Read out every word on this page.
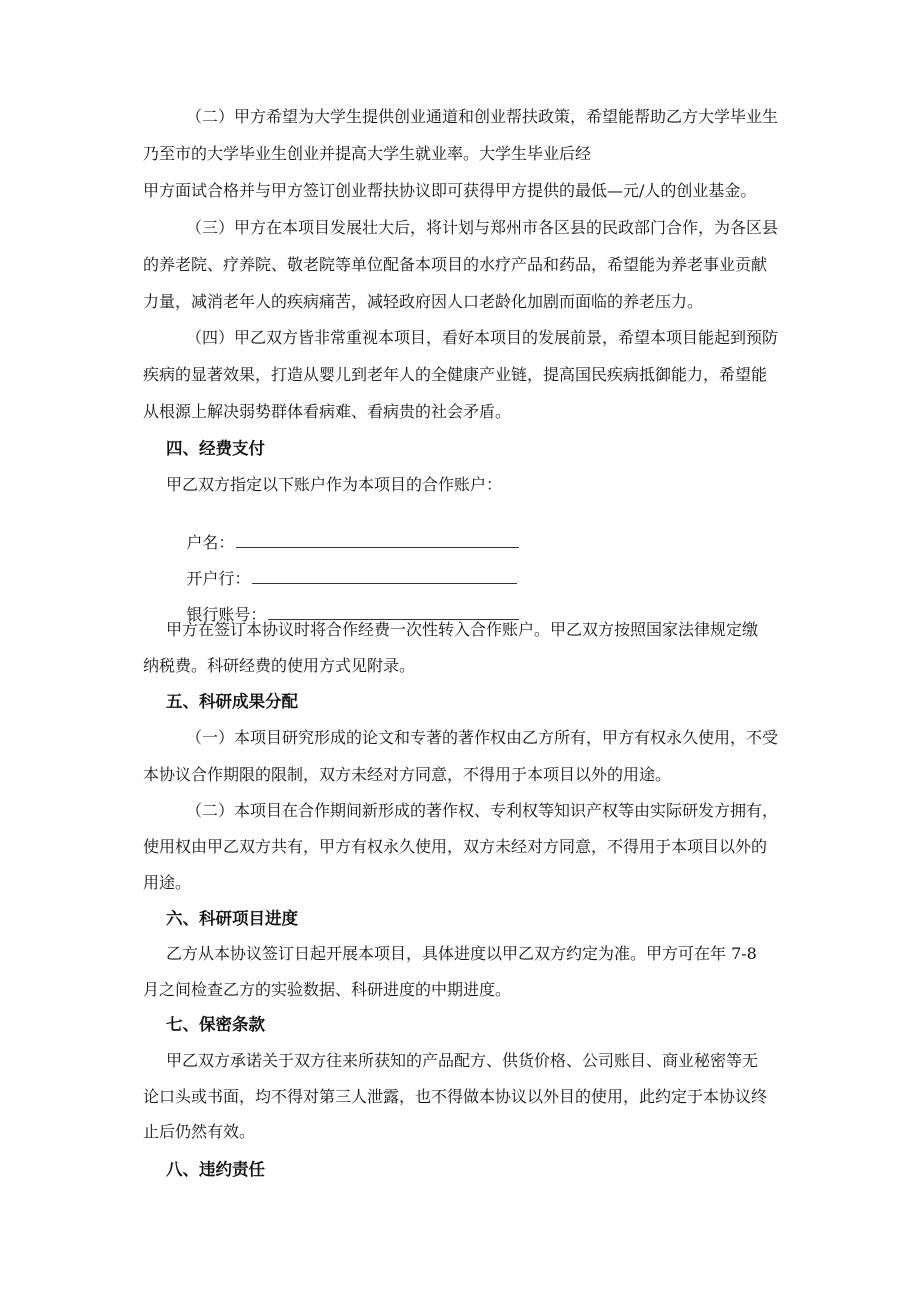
（二）甲方希望为大学生提供创业通道和创业帮扶政策，希望能帮助乙方大学毕业生

乃至市的大学毕业生创业并提高大学生就业率。大学生毕业后经

甲方面试合格并与甲方签订创业帮扶协议即可获得甲方提供的最低—元/人的创业基金。

（三）甲方在本项目发展壮大后，将计划与郑州市各区县的民政部门合作，为各区县

的养老院、疗养院、敬老院等单位配备本项目的水疗产品和药品，希望能为养老事业贡献

力量，减消老年人的疾病痛苦，减轻政府因人口老龄化加剧而面临的养老压力。

（四）甲乙双方皆非常重视本项目，看好本项目的发展前景，希望本项目能起到预防

疾病的显著效果，打造从婴儿到老年人的全健康产业链，提高国民疾病抵御能力，希望能

从根源上解决弱势群体看病难、看病贵的社会矛盾。

四、经费支付

甲乙双方指定以下账户作为本项目的合作账户：

户名：

开户行：

银行账号：

甲方在签订本协议时将合作经费一次性转入合作账户。甲乙双方按照国家法律规定缴

纳税费。科研经费的使用方式见附录。

五、科研成果分配

（一）本项目研究形成的论文和专著的著作权由乙方所有，甲方有权永久使用，不受

本协议合作期限的限制，双方未经对方同意，不得用于本项目以外的用途。

（二）本项目在合作期间新形成的著作权、专利权等知识产权等由实际研发方拥有，

使用权由甲乙双方共有，甲方有权永久使用，双方未经对方同意，不得用于本项目以外的

用途。

六、科研项目进度

乙方从本协议签订日起开展本项目，具体进度以甲乙双方约定为准。甲方可在年 7-8

月之间检查乙方的实验数据、科研进度的中期进度。

七、保密条款

甲乙双方承诺关于双方往来所获知的产品配方、供货价格、公司账目、商业秘密等无

论口头或书面，均不得对第三人泄露，也不得做本协议以外目的使用，此约定于本协议终

止后仍然有效。

八、违约责任
